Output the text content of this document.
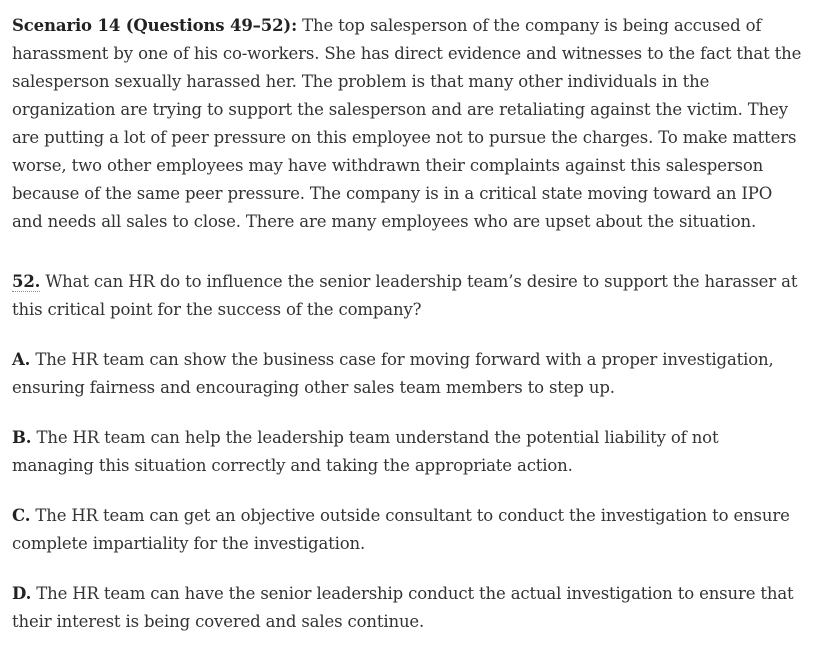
Scenario 14 (Questions 49–52): The top salesperson of the company is being accused of harassment by one of his co-workers. She has direct evidence and witnesses to the fact that the salesperson sexually harassed her. The problem is that many other individuals in the organization are trying to support the salesperson and are retaliating against the victim. They are putting a lot of peer pressure on this employee not to pursue the charges. To make matters worse, two other employees may have withdrawn their complaints against this salesperson because of the same peer pressure. The company is in a critical state moving toward an IPO and needs all sales to close. There are many employees who are upset about the situation.

52. What can HR do to influence the senior leadership team’s desire to support the harasser at this critical point for the success of the company?

A. The HR team can show the business case for moving forward with a proper investigation, ensuring fairness and encouraging other sales team members to step up.

B. The HR team can help the leadership team understand the potential liability of not managing this situation correctly and taking the appropriate action.

C. The HR team can get an objective outside consultant to conduct the investigation to ensure complete impartiality for the investigation.

D. The HR team can have the senior leadership conduct the actual investigation to ensure that their interest is being covered and sales continue.
